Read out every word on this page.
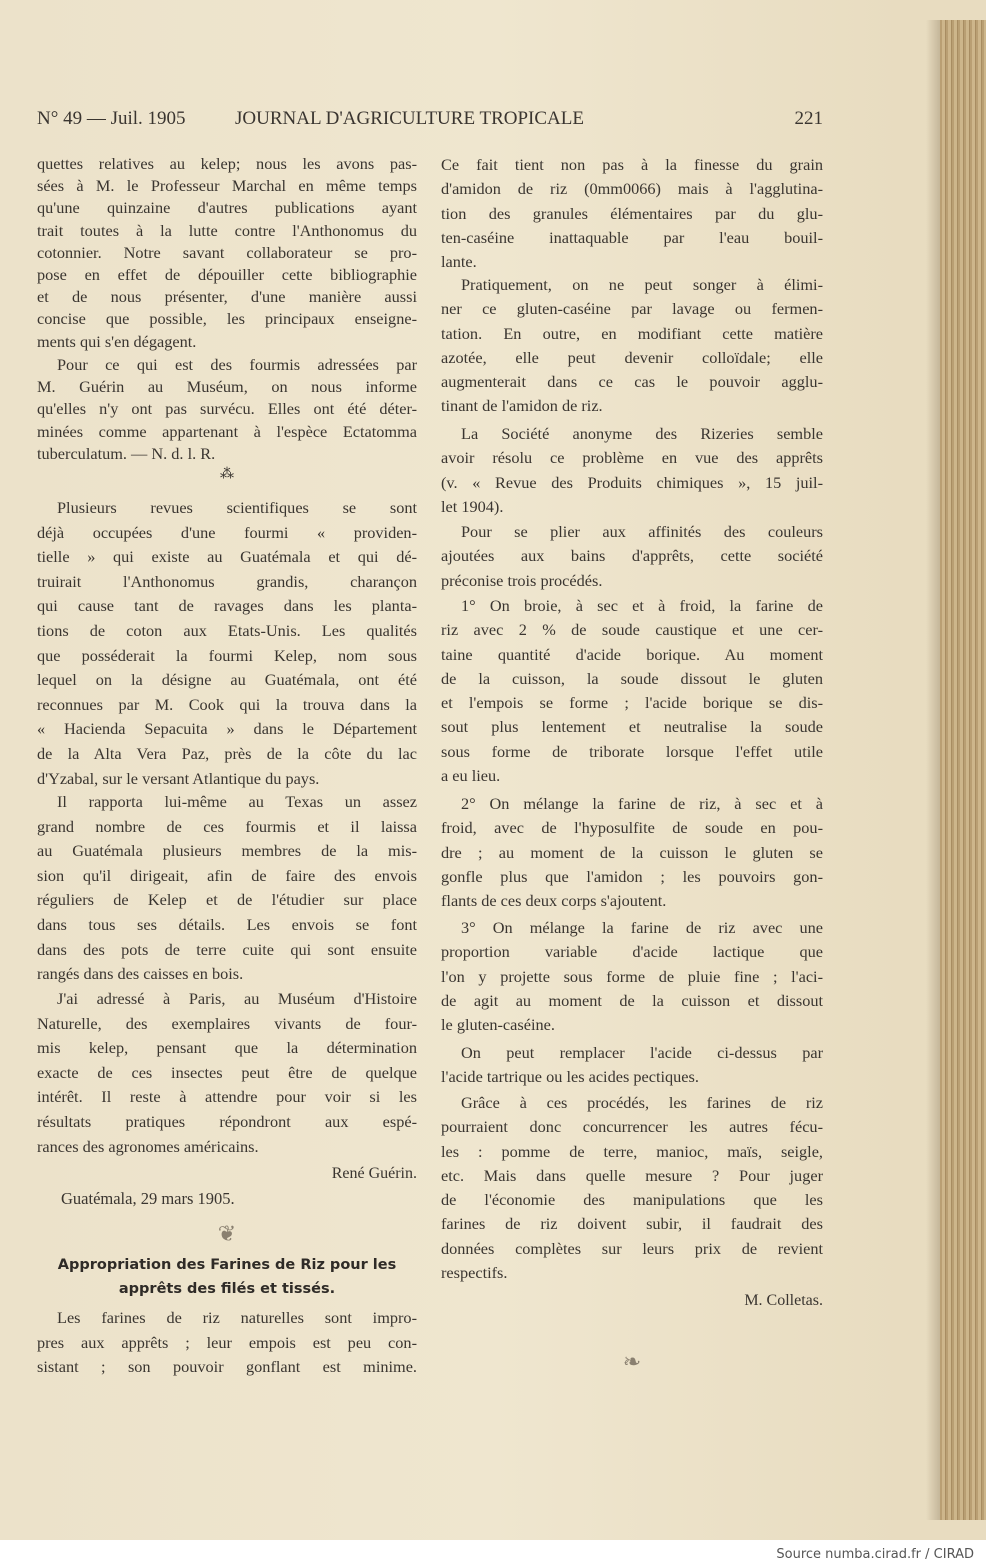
N° 49 — Juil. 1905	JOURNAL D'AGRICULTURE TROPICALE	221
quettes relatives au kelep; nous les avons pas-
sées à M. le Professeur Marchal en même temps
qu'une quinzaine d'autres publications ayant
trait toutes à la lutte contre l'Anthonomus du
cotonnier. Notre savant collaborateur se pro-
pose en effet de dépouiller cette bibliographie
et de nous présenter, d'une manière aussi
concise que possible, les principaux enseigne-
ments qui s'en dégagent.
Pour ce qui est des fourmis adressées par
M. Guérin au Muséum, on nous informe
qu'elles n'y ont pas survécu. Elles ont été déter-
minées comme appartenant à l'espèce Ectatomma
tuberculatum. — N. d. l. R.
⁂
Plusieurs revues scientifiques se sont
déjà occupées d'une fourmi « providen-
tielle » qui existe au Guatémala et qui dé-
truirait l'Anthonomus grandis, charançon
qui cause tant de ravages dans les planta-
tions de coton aux Etats-Unis. Les qualités
que posséderait la fourmi Kelep, nom sous
lequel on la désigne au Guatémala, ont été
reconnues par M. Cook qui la trouva dans la
« Hacienda Sepacuita » dans le Département
de la Alta Vera Paz, près de la côte du lac
d'Yzabal, sur le versant Atlantique du pays.
Il rapporta lui-même au Texas un assez
grand nombre de ces fourmis et il laissa
au Guatémala plusieurs membres de la mis-
sion qu'il dirigeait, afin de faire des envois
réguliers de Kelep et de l'étudier sur place
dans tous ses détails. Les envois se font
dans des pots de terre cuite qui sont ensuite
rangés dans des caisses en bois.
J'ai adressé à Paris, au Muséum d'Histoire
Naturelle, des exemplaires vivants de four-
mis kelep, pensant que la détermination
exacte de ces insectes peut être de quelque
intérêt. Il reste à attendre pour voir si les
résultats pratiques répondront aux espé-
rances des agronomes américains.
René Guérin.
Guatémala, 29 mars 1905.
❦
Appropriation des Farines de Riz pour les
apprêts des filés et tissés.
Les farines de riz naturelles sont impro-
pres aux apprêts ; leur empois est peu con-
sistant ; son pouvoir gonflant est minime.
Ce fait tient non pas à la finesse du grain
d'amidon de riz (0mm0066) mais à l'agglutina-
tion des granules élémentaires par du glu-
ten-caséine inattaquable par l'eau bouil-
lante.
Pratiquement, on ne peut songer à élimi-
ner ce gluten-caséine par lavage ou fermen-
tation. En outre, en modifiant cette matière
azotée, elle peut devenir colloïdale; elle
augmenterait dans ce cas le pouvoir agglu-
tinant de l'amidon de riz.
La Société anonyme des Rizeries semble
avoir résolu ce problème en vue des apprêts
(v. « Revue des Produits chimiques », 15 juil-
let 1904).
Pour se plier aux affinités des couleurs
ajoutées aux bains d'apprêts, cette société
préconise trois procédés.
1° On broie, à sec et à froid, la farine de
riz avec 2 % de soude caustique et une cer-
taine quantité d'acide borique. Au moment
de la cuisson, la soude dissout le gluten
et l'empois se forme ; l'acide borique se dis-
sout plus lentement et neutralise la soude
sous forme de triborate lorsque l'effet utile
a eu lieu.
2° On mélange la farine de riz, à sec et à
froid, avec de l'hyposulfite de soude en pou-
dre ; au moment de la cuisson le gluten se
gonfle plus que l'amidon ; les pouvoirs gon-
flants de ces deux corps s'ajoutent.
3° On mélange la farine de riz avec une
proportion variable d'acide lactique que
l'on y projette sous forme de pluie fine ; l'aci-
de agit au moment de la cuisson et dissout
le gluten-caséine.
On peut remplacer l'acide ci-dessus par
l'acide tartrique ou les acides pectiques.
Grâce à ces procédés, les farines de riz
pourraient donc concurrencer les autres fécu-
les : pomme de terre, manioc, maïs, seigle,
etc. Mais dans quelle mesure ? Pour juger
de l'économie des manipulations que les
farines de riz doivent subir, il faudrait des
données complètes sur leurs prix de revient
respectifs.
M. Colletas.
❧
Source numba.cirad.fr / CIRAD
